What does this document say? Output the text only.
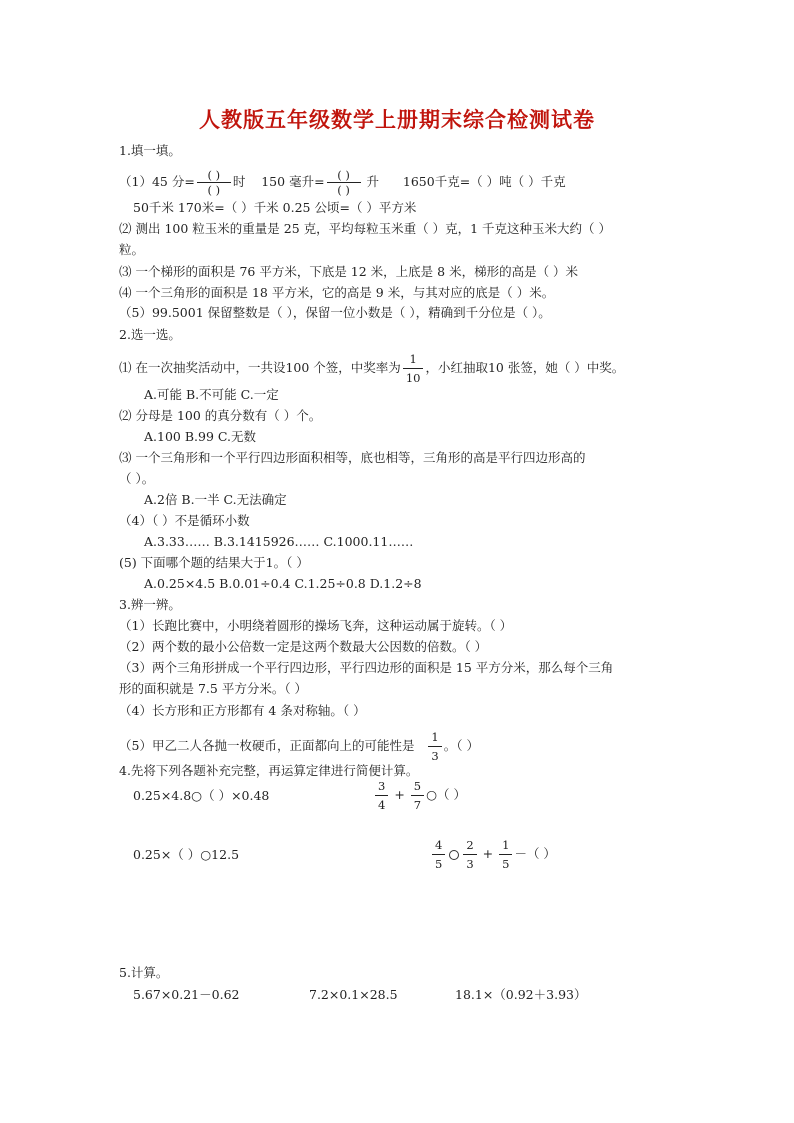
人教版五年级数学上册期末综合检测试卷
1.填一填。
（1）45 分= $\frac{( )}{( )}$ 时 150 毫升= $\frac{( )}{( )}$ 升 1650千克=（ ）吨（ ）千克
50千米 170米=（ ）千米 0.25 公顷=（ ）平方米
⑵ 测出 100 粒玉米的重量是 25 克，平均每粒玉米重（ ）克，1 千克这种玉米大约（ ）
粒。
⑶ 一个梯形的面积是 76 平方米，下底是 12 米，上底是 8 米，梯形的高是（ ）米
⑷ 一个三角形的面积是 18 平方米，它的高是 9 米，与其对应的底是（ ）米。
（5）99.5001 保留整数是（ ），保留一位小数是（ ），精确到千分位是（ ）。
2.选一选。
⑴ 在一次抽奖活动中，一共设100 个签，中奖率为 $\frac{1}{10}$ ，小红抽取10 张签，她（ ）中奖。
A.可能 B.不可能 C.一定
⑵ 分母是 100 的真分数有（ ）个。
A.100 B.99 C.无数
⑶ 一个三角形和一个平行四边形面积相等，底也相等，三角形的高是平行四边形高的
（ ）。
A.2倍 B.一半 C.无法确定
（4）（ ）不是循环小数
A.3.33…… B.3.1415926…… C.1000.11……
(5) 下面哪个题的结果大于1。（ ）
A.0.25×4.5 B.0.01÷0.4 C.1.25÷0.8 D.1.2÷8
3.辨一辨。
（1）长跑比赛中，小明绕着圆形的操场飞奔，这种运动属于旋转。（ ）
（2）两个数的最小公倍数一定是这两个数最大公因数的倍数。（ ）
（3）两个三角形拼成一个平行四边形，平行四边形的面积是 15 平方分米，那么每个三角
形的面积就是 7.5 平方分米。（ ）
（4）长方形和正方形都有 4 条对称轴。（ ）
（5）甲乙二人各抛一枚硬币，正面都向上的可能性是 $\frac{1}{3}$ 。（ ）
4.先将下列各题补充完整，再运算定律进行简便计算。
0.25×4.8○（ ）×0.48	$\frac{3}{4} + \frac{5}{7}$ ○（ ）
0.25×（ ）○12.5	$\frac{4}{5} \frac{2}{3} + \frac{1}{5}$ －（ ）
5.计算。
5.67×0.21－0.62	7.2×0.1×28.5	18.1×（0.92＋3.93）
